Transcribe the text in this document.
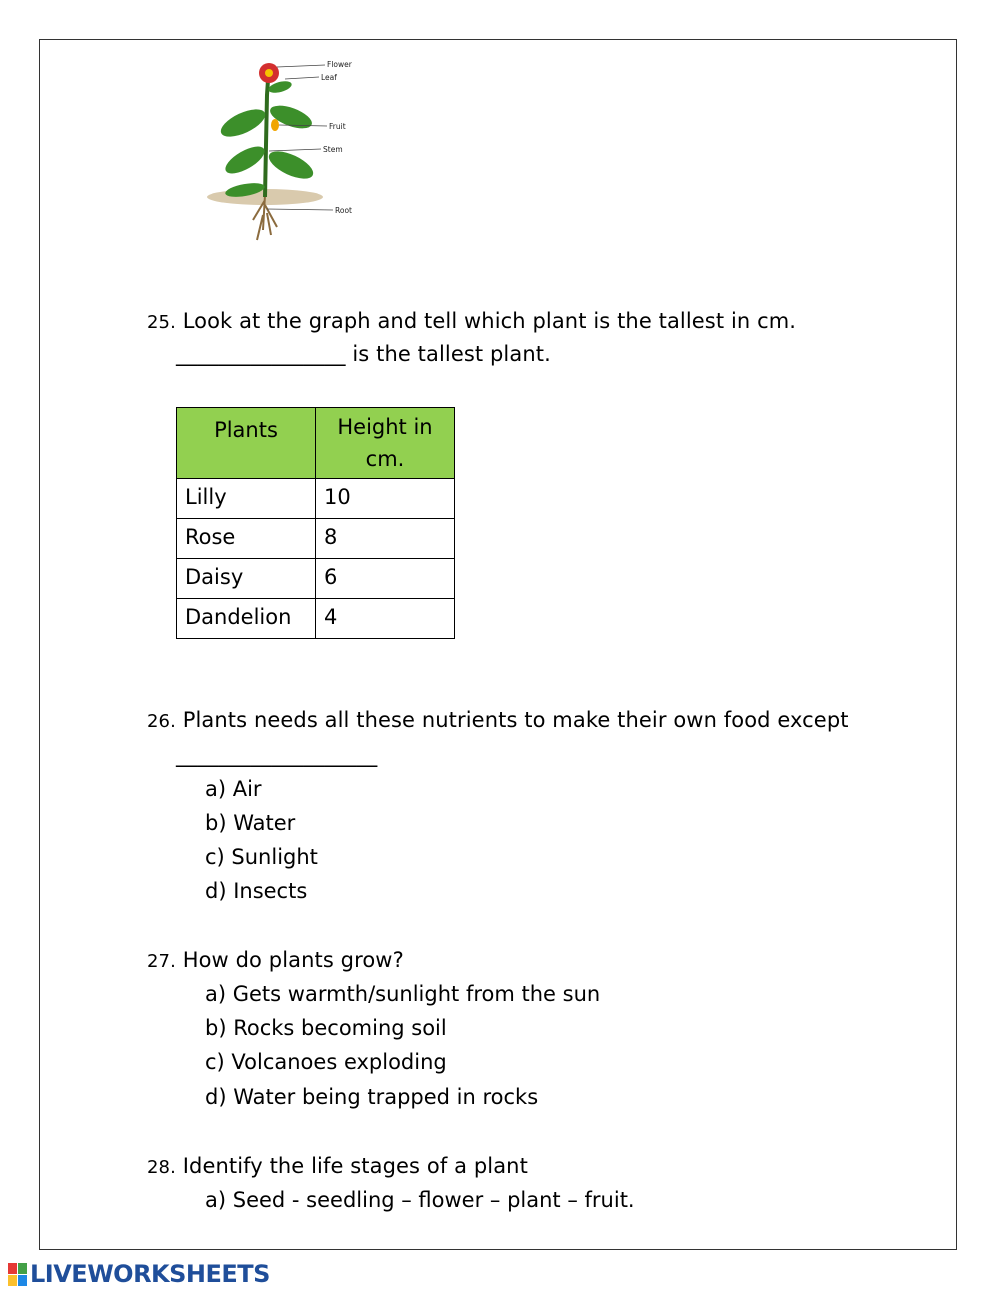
Flower
Leaf
Fruit
Stem
Root
25. Look at the graph and tell which plant is the tallest in cm.
________________ is the tallest plant.
Plants	Height in cm.
Lilly	10
Rose	8
Daisy	6
Dandelion	4
26. Plants needs all these nutrients to make their own food except
___________________
a) Air
b) Water
c) Sunlight
d) Insects
27. How do plants grow?
a) Gets warmth/sunlight from the sun
b) Rocks becoming soil
c) Volcanoes exploding
d) Water being trapped in rocks
28. Identify the life stages of a plant
a) Seed - seedling – flower – plant – fruit.
LIVEWORKSHEETS
